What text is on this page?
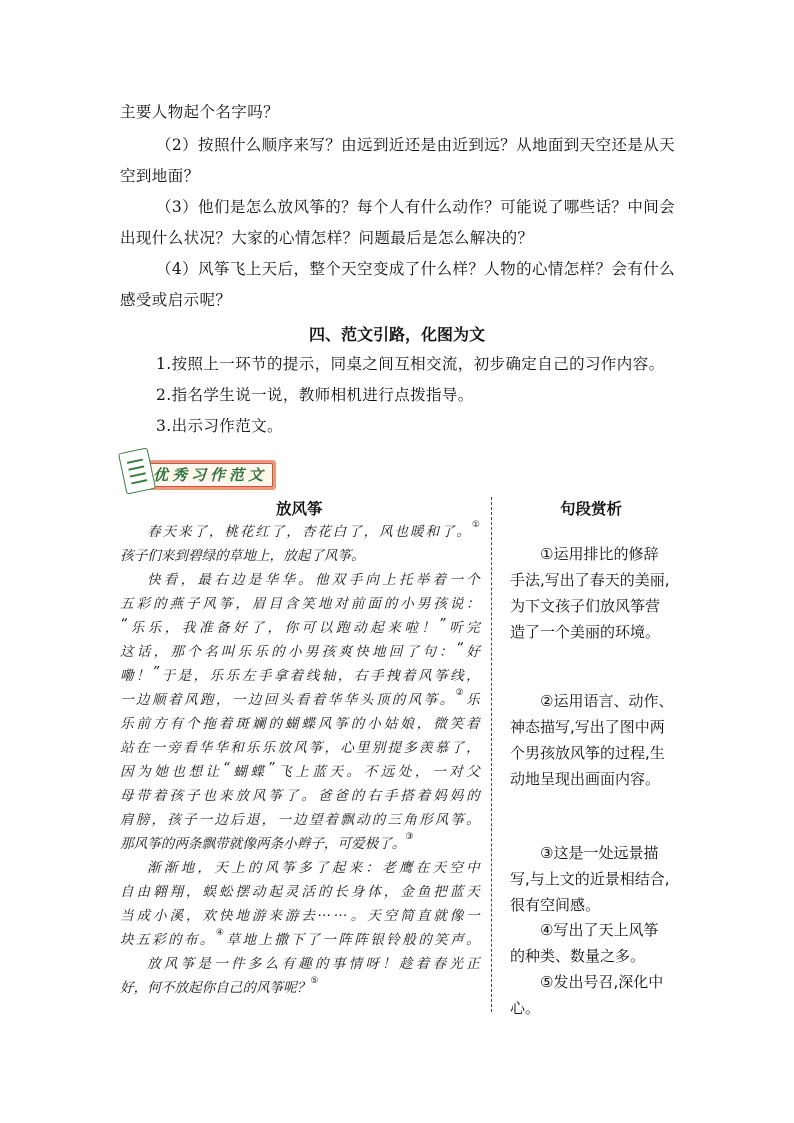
主要人物起个名字吗？
（2）按照什么顺序来写？由远到近还是由近到远？从地面到天空还是从天
空到地面？
（3）他们是怎么放风筝的？每个人有什么动作？可能说了哪些话？中间会
出现什么状况？大家的心情怎样？问题最后是怎么解决的？
（4）风筝飞上天后，整个天空变成了什么样？人物的心情怎样？会有什么
感受或启示呢？
四、范文引路，化图为文
1.按照上一环节的提示，同桌之间互相交流，初步确定自己的习作内容。
2.指名学生说一说，教师相机进行点拨指导。
3.出示习作范文。
优秀习作范文
放风筝	句段赏析
春 天 来 了 ， 桃 花 红 了 ， 杏 花 白 了 ， 风 也 暖 和 了 。 ①
孩 子 们 来 到 碧 绿 的 草 地 上 ， 放 起 了 风 筝 。
快 看 ， 最 右 边 是 华 华 。 他 双 手 向 上 托 举 着 一 个
五 彩 的 燕 子 风 筝 ， 眉 目 含 笑 地 对 前 面 的 小 男 孩 说 ：
“ 乐 乐 ， 我 准 备 好 了 ， 你 可 以 跑 动 起 来 啦 ！ ” 听 完
这 话 ， 那 个 名 叫 乐 乐 的 小 男 孩 爽 快 地 回 了 句 ： “ 好
嘞 ！ ” 于 是 ， 乐 乐 左 手 拿 着 线 轴 ， 右 手 拽 着 风 筝 线 ，
一 边 顺 着 风 跑 ， 一 边 回 头 看 着 华 华 头 顶 的 风 筝 。 ② 乐
乐 前 方 有 个 拖 着 斑 斓 的 蝴 蝶 风 筝 的 小 姑 娘 ， 微 笑 着
站 在 一 旁 看 华 华 和 乐 乐 放 风 筝 ， 心 里 别 提 多 羡 慕 了 ，
因 为 她 也 想 让 “ 蝴 蝶 ” 飞 上 蓝 天 。 不 远 处 ， 一 对 父
母 带 着 孩 子 也 来 放 风 筝 了 。 爸 爸 的 右 手 搭 着 妈 妈 的
肩 膀 ， 孩 子 一 边 后 退 ， 一 边 望 着 飘 动 的 三 角 形 风 筝 。
那 风 筝 的 两 条 飘 带 就 像 两 条 小 辫 子 ， 可 爱 极 了 。 ③
渐 渐 地 ， 天 上 的 风 筝 多 了 起 来 ： 老 鹰 在 天 空 中
自 由 翱 翔 ， 蜈 蚣 摆 动 起 灵 活 的 长 身 体 ， 金 鱼 把 蓝 天
当 成 小 溪 ， 欢 快 地 游 来 游 去 … … 。 天 空 简 直 就 像 一
块 五 彩 的 布 。 ④ 草 地 上 撒 下 了 一 阵 阵 银 铃 般 的 笑 声 。
放 风 筝 是 一 件 多 么 有 趣 的 事 情 呀 ！ 趁 着 春 光 正
好 ， 何 不 放 起 你 自 己 的 风 筝 呢 ？ ⑤
①运用排比的修辞
手法,写出了春天的美丽,
为下文孩子们放风筝营
造了一个美丽的环境。
②运用语言、动作、
神态描写,写出了图中两
个男孩放风筝的过程,生
动地呈现出画面内容。
③这是一处远景描
写,与上文的近景相结合,
很有空间感。
④写出了天上风筝
的种类、数量之多。
⑤发出号召,深化中
心。
